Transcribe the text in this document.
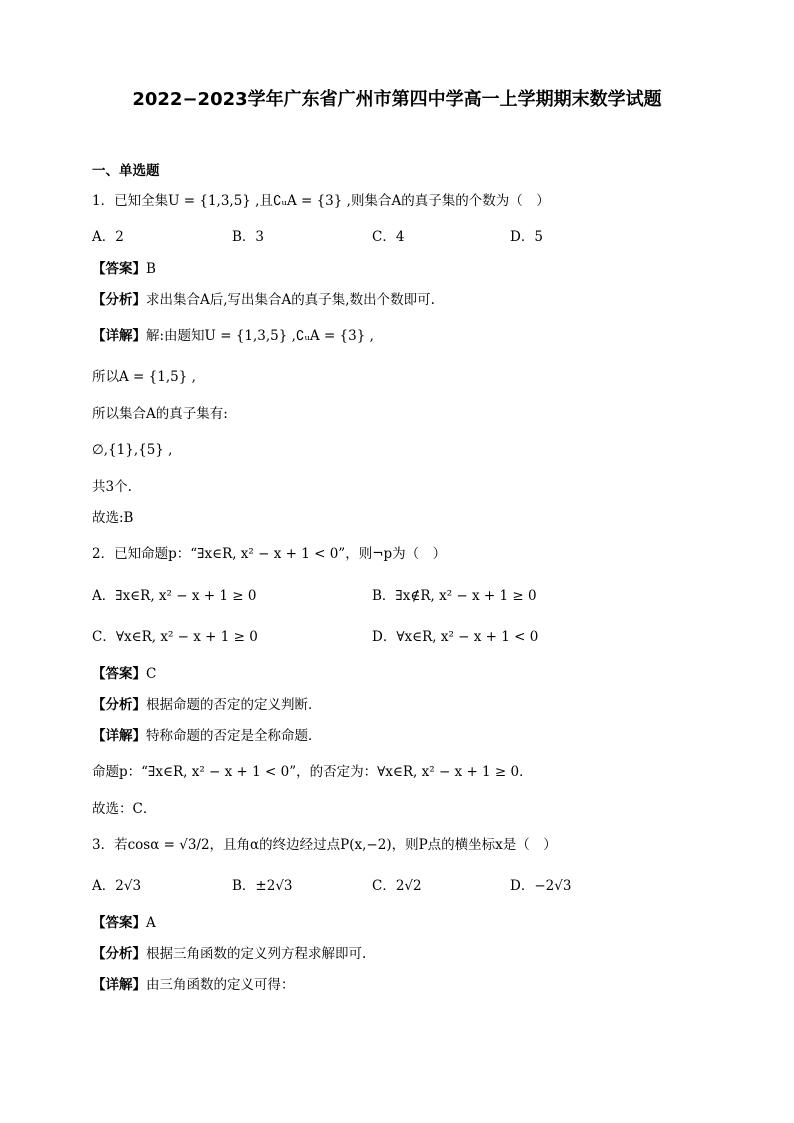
2022−2023学年广东省广州市第四中学高一上学期期末数学试题
一、单选题
1．已知全集U = {1,3,5} ,且∁ᵤA = {3} ,则集合A的真子集的个数为（　）
A．2	B．3	C．4	D．5
【答案】B
【分析】求出集合A后,写出集合A的真子集,数出个数即可.
【详解】解:由题知U = {1,3,5} ,∁ᵤA = {3} ,
所以A = {1,5} ,
所以集合A的真子集有:
∅,{1},{5} ,
共3个.
故选:B
2．已知命题p：“∃x∈R, x² − x + 1 < 0”，则¬p为（　）
A．∃x∈R, x² − x + 1 ≥ 0	B．∃x∉R, x² − x + 1 ≥ 0
C．∀x∈R, x² − x + 1 ≥ 0	D．∀x∈R, x² − x + 1 < 0
【答案】C
【分析】根据命题的否定的定义判断．
【详解】特称命题的否定是全称命题．
命题p：“∃x∈R, x² − x + 1 < 0”，的否定为：∀x∈R, x² − x + 1 ≥ 0．
故选：C．
3．若cosα = √3/2，且角α的终边经过点P(x,−2)，则P点的横坐标x是（　）
A．2√3	B．±2√3	C．2√2	D．−2√3
【答案】A
【分析】根据三角函数的定义列方程求解即可.
【详解】由三角函数的定义可得：
